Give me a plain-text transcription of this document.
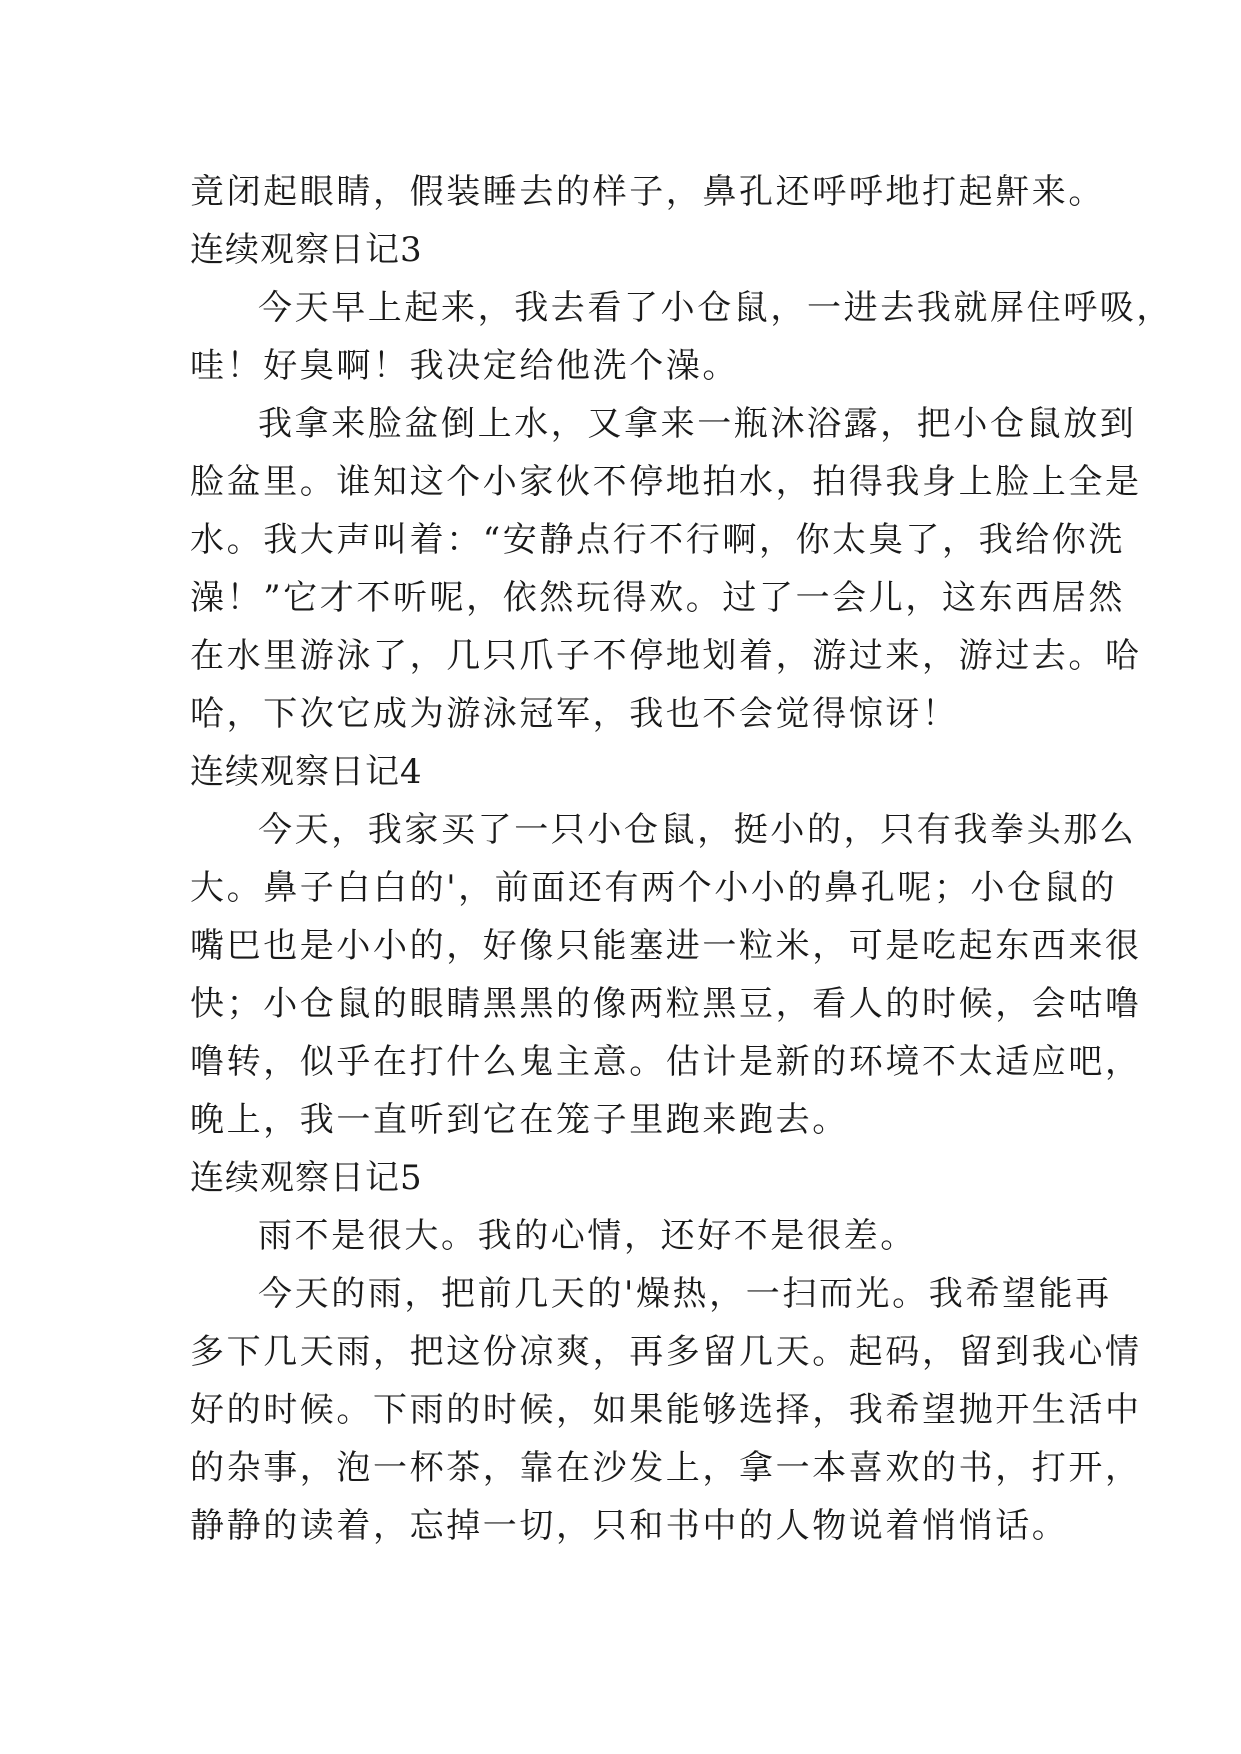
竟闭起眼睛，假装睡去的样子，鼻孔还呼呼地打起鼾来。
连续观察日记3
今天早上起来，我去看了小仓鼠，一进去我就屏住呼吸，
哇！好臭啊！我决定给他洗个澡。
我拿来脸盆倒上水，又拿来一瓶沐浴露，把小仓鼠放到
脸盆里。谁知这个小家伙不停地拍水，拍得我身上脸上全是
水。我大声叫着：“安静点行不行啊，你太臭了，我给你洗
澡！”它才不听呢，依然玩得欢。过了一会儿，这东西居然
在水里游泳了，几只爪子不停地划着，游过来，游过去。哈
哈，下次它成为游泳冠军，我也不会觉得惊讶！
连续观察日记4
今天，我家买了一只小仓鼠，挺小的，只有我拳头那么
大。鼻子白白的'，前面还有两个小小的鼻孔呢；小仓鼠的
嘴巴也是小小的，好像只能塞进一粒米，可是吃起东西来很
快；小仓鼠的眼睛黑黑的像两粒黑豆，看人的时候，会咕噜
噜转，似乎在打什么鬼主意。估计是新的环境不太适应吧，
晚上，我一直听到它在笼子里跑来跑去。
连续观察日记5
雨不是很大。我的心情，还好不是很差。
今天的雨，把前几天的'燥热，一扫而光。我希望能再
多下几天雨，把这份凉爽，再多留几天。起码，留到我心情
好的时候。下雨的时候，如果能够选择，我希望抛开生活中
的杂事，泡一杯茶，靠在沙发上，拿一本喜欢的书，打开，
静静的读着，忘掉一切，只和书中的人物说着悄悄话。
